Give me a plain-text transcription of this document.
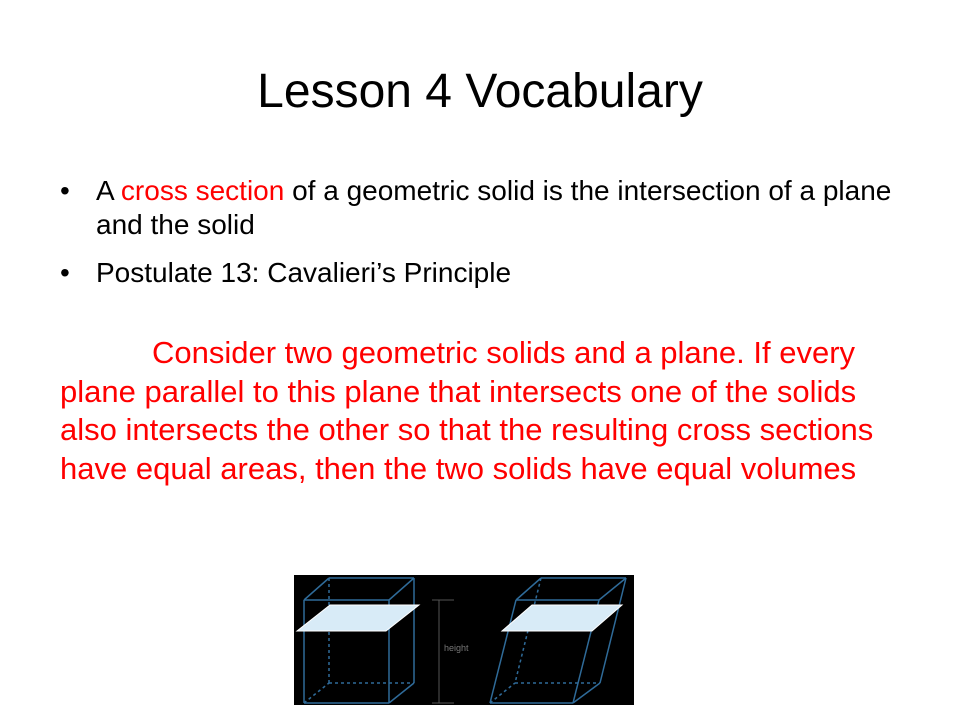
Lesson 4 Vocabulary
• A cross section of a geometric solid is the intersection of a plane and the solid
• Postulate 13: Cavalieri’s Principle
Consider two geometric solids and a plane. If every plane parallel to this plane that intersects one of the solids also intersects the other so that the resulting cross sections have equal areas, then the two solids have equal volumes
height
